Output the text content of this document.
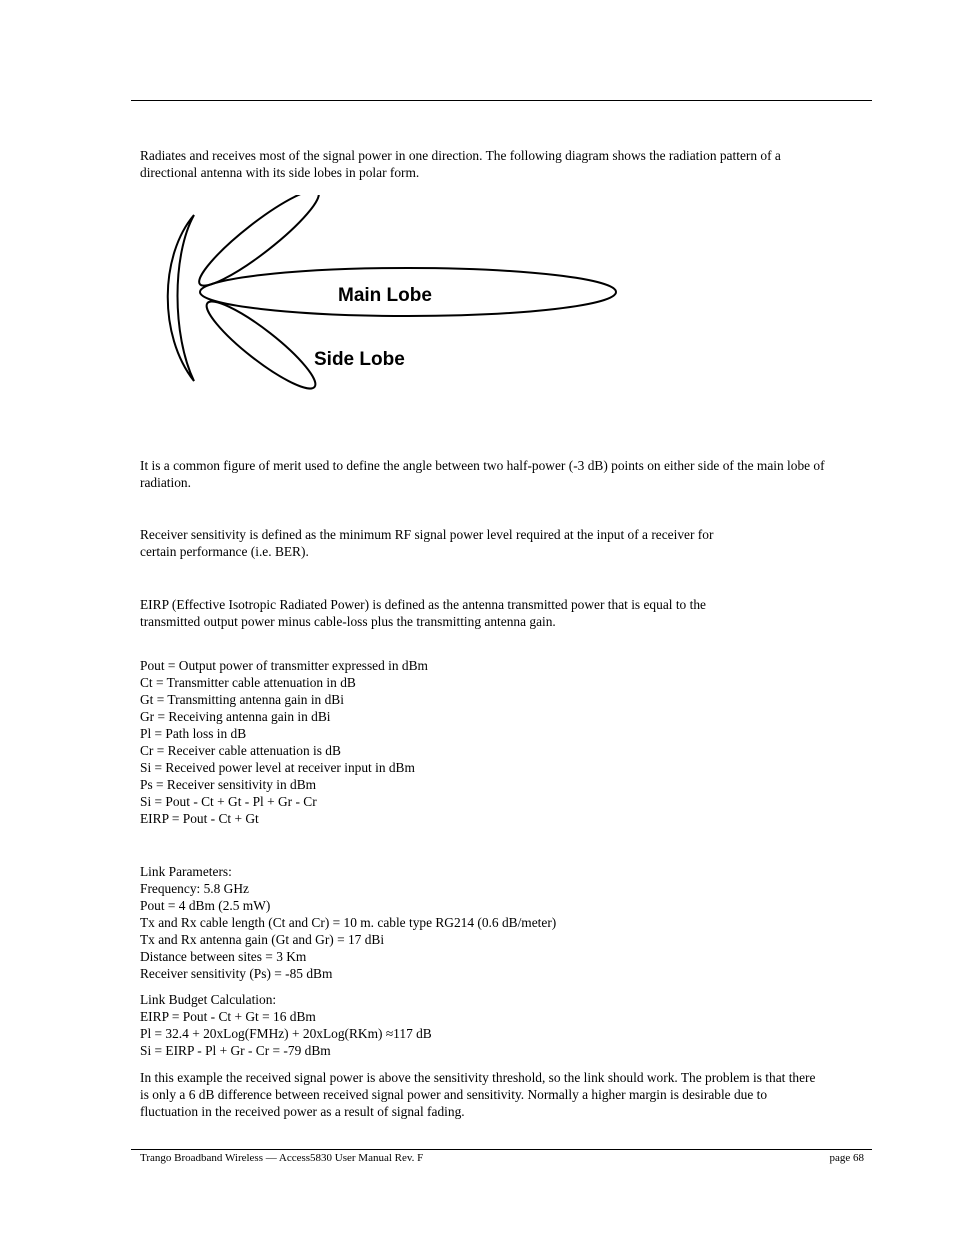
Radiates and receives most of the signal power in one direction. The following diagram shows the radiation pattern of a
directional antenna with its side lobes in polar form.
Main Lobe
Side Lobe
It is a common figure of merit used to define the angle between two half-power (-3 dB) points on either side of the main lobe of
radiation.
Receiver sensitivity is defined as the minimum RF signal power level required at the input of a receiver for
certain performance (i.e. BER).
EIRP (Effective Isotropic Radiated Power) is defined as the antenna transmitted power that is equal to the
transmitted output power minus cable-loss plus the transmitting antenna gain.
Pout = Output power of transmitter expressed in dBm
Ct = Transmitter cable attenuation in dB
Gt = Transmitting antenna gain in dBi
Gr = Receiving antenna gain in dBi
Pl = Path loss in dB
Cr = Receiver cable attenuation is dB
Si = Received power level at receiver input in dBm
Ps = Receiver sensitivity in dBm
Si = Pout - Ct + Gt - Pl + Gr - Cr
EIRP = Pout - Ct + Gt
Link Parameters:
Frequency: 5.8 GHz
Pout = 4 dBm (2.5 mW)
Tx and Rx cable length (Ct and Cr) = 10 m. cable type RG214 (0.6 dB/meter)
Tx and Rx antenna gain (Gt and Gr) = 17 dBi
Distance between sites = 3 Km
Receiver sensitivity (Ps) = -85 dBm
Link Budget Calculation:
EIRP = Pout - Ct + Gt = 16 dBm
Pl = 32.4 + 20xLog(FMHz) + 20xLog(RKm) ≈117 dB
Si = EIRP - Pl + Gr - Cr = -79 dBm
In this example the received signal power is above the sensitivity threshold, so the link should work. The problem is that there
is only a 6 dB difference between received signal power and sensitivity. Normally a higher margin is desirable due to
fluctuation in the received power as a result of signal fading.
Trango Broadband Wireless — Access5830 User Manual Rev. F	page 68
